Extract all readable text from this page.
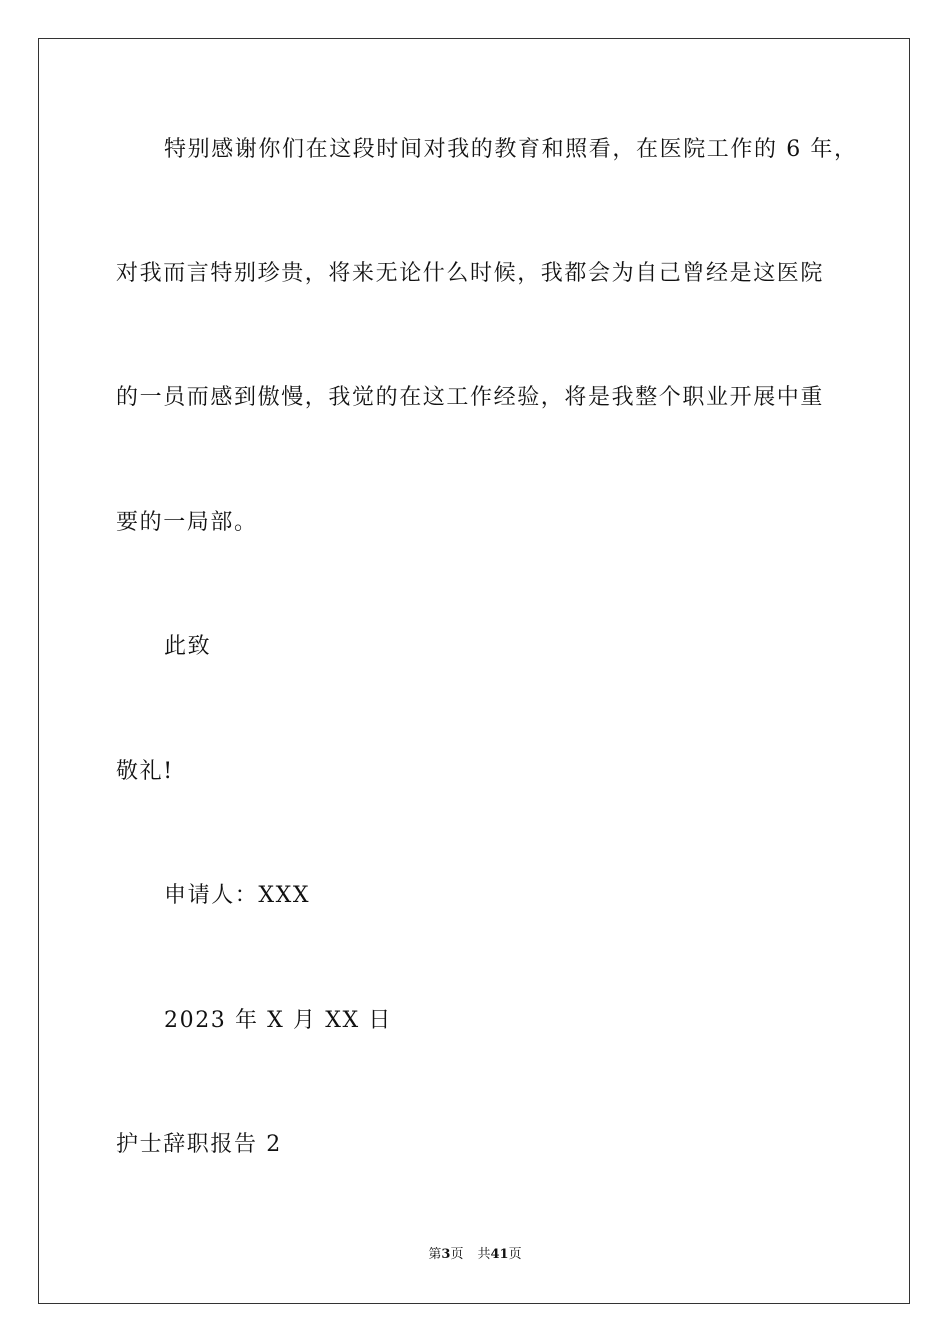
特别感谢你们在这段时间对我的教育和照看，在医院工作的 6 年，
对我而言特别珍贵，将来无论什么时候，我都会为自己曾经是这医院
的一员而感到傲慢，我觉的在这工作经验，将是我整个职业开展中重
要的一局部。
此致
敬礼!
申请人：XXX
2023 年 X 月 XX 日
护士辞职报告 2
第3页 共41页
